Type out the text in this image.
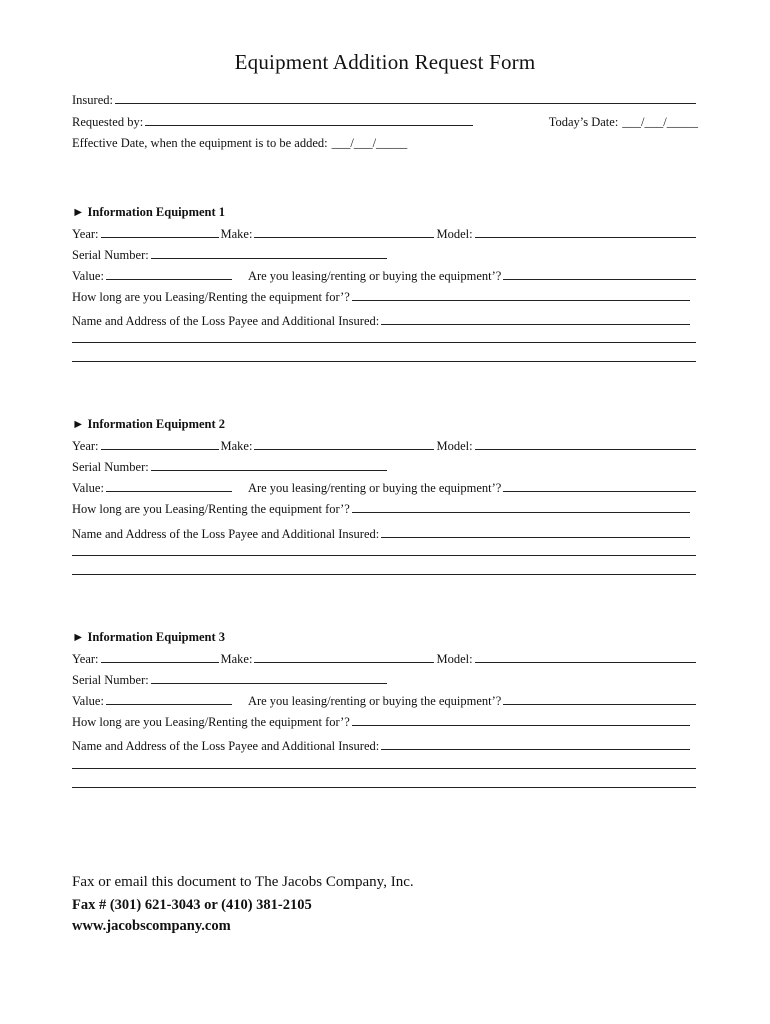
Equipment Addition Request Form
Insured:
Requested by:	Today’s Date: ___/___/_____
Effective Date, when the equipment is to be added: ___/___/_____
► Information Equipment 1
Year:	Make:	Model:
Serial Number:
Value:	Are you leasing/renting or buying the equipment’?
How long are you Leasing/Renting the equipment for’?
Name and Address of the Loss Payee and Additional Insured:
► Information Equipment 2
Year:	Make:	Model:
Serial Number:
Value:	Are you leasing/renting or buying the equipment’?
How long are you Leasing/Renting the equipment for’?
Name and Address of the Loss Payee and Additional Insured:
► Information Equipment 3
Year:	Make:	Model:
Serial Number:
Value:	Are you leasing/renting or buying the equipment’?
How long are you Leasing/Renting the equipment for’?
Name and Address of the Loss Payee and Additional Insured:
Fax or email this document to The Jacobs Company, Inc.
Fax # (301) 621-3043 or (410) 381-2105
www.jacobscompany.com
